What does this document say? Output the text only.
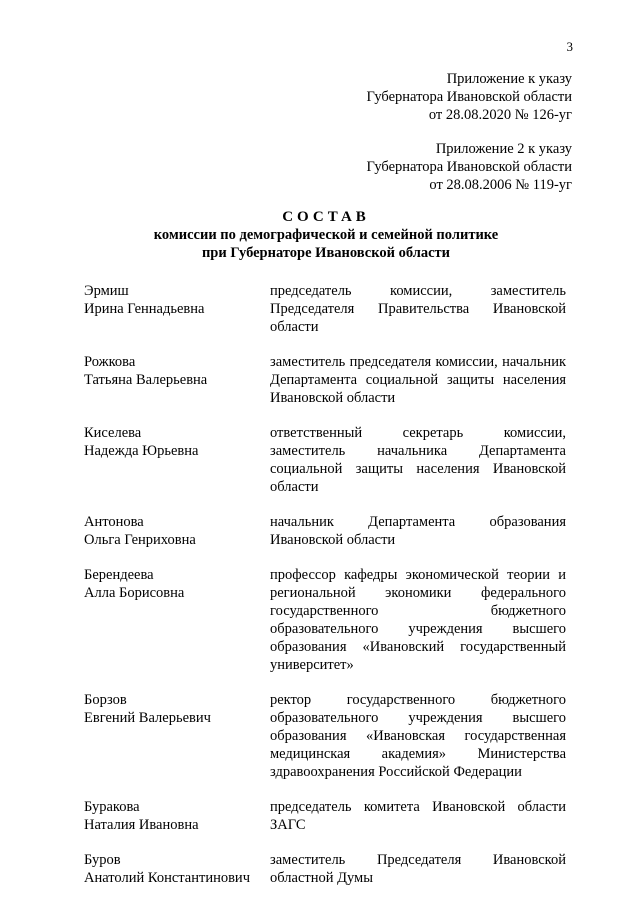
3
Приложение к указу
Губернатора Ивановской области
от 28.08.2020 № 126-уг
Приложение 2 к указу
Губернатора Ивановской области
от 28.08.2006 № 119-уг
СОСТАВ
комиссии по демографической и семейной политике
при Губернаторе Ивановской области
Эрмиш
Ирина Геннадьевна
председатель комиссии, заместитель Председателя Правительства Ивановской области
Рожкова
Татьяна Валерьевна
заместитель председателя комиссии, начальник Департамента социальной защиты населения Ивановской области
Киселева
Надежда Юрьевна
ответственный секретарь комиссии, заместитель начальника Департамента социальной защиты населения Ивановской области
Антонова
Ольга Генриховна
начальник Департамента образования Ивановской области
Берендеева
Алла Борисовна
профессор кафедры экономической теории и региональной экономики федерального государственного бюджетного образовательного учреждения высшего образования «Ивановский государственный университет»
Борзов
Евгений Валерьевич
ректор государственного бюджетного образовательного учреждения высшего образования «Ивановская государственная медицинская академия» Министерства здравоохранения Российской Федерации
Буракова
Наталия Ивановна
председатель комитета Ивановской области ЗАГС
Буров
Анатолий Константинович
заместитель Председателя Ивановской областной Думы
